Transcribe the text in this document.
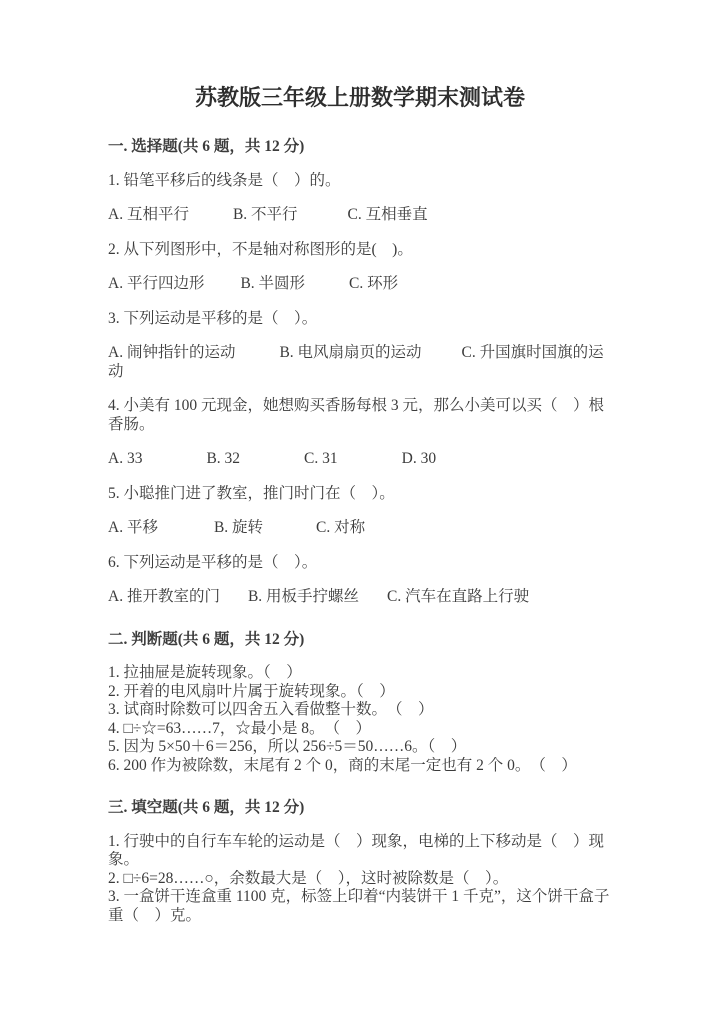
苏教版三年级上册数学期末测试卷

一. 选择题(共 6 题，共 12 分)

1. 铅笔平移后的线条是（　）的。

A. 互相平行	B. 不平行	C. 互相垂直

2. 从下列图形中，不是轴对称图形的是(　)。

A. 平行四边形 B. 半圆形	C. 环形

3. 下列运动是平移的是（　）。

A. 闹钟指针的运动	B. 电风扇扇页的运动	C. 升国旗时国旗的运动

4. 小美有 100 元现金，她想购买香肠每根 3 元，那么小美可以买（　）根香肠。

A. 33	B. 32	C. 31	D. 30

5. 小聪推门进了教室，推门时门在（　）。

A. 平移	B. 旋转	C. 对称

6. 下列运动是平移的是（　）。

A. 推开教室的门 B. 用板手拧螺丝 C. 汽车在直路上行驶

二. 判断题(共 6 题，共 12 分)

1. 拉抽屉是旋转现象。（　）

2. 开着的电风扇叶片属于旋转现象。（　）

3. 试商时除数可以四舍五入看做整十数。　（　）

4. □÷☆=63……7，☆最小是 8。　（　）

5. 因为 5×50＋6＝256，所以 256÷5＝50……6。（　）

6. 200 作为被除数，末尾有 2 个 0，商的末尾一定也有 2 个 0。　（　）

三. 填空题(共 6 题，共 12 分)

1. 行驶中的自行车车轮的运动是（　）现象，电梯的上下移动是（　）现象。

2. □÷6=28……○，余数最大是（　），这时被除数是（　）。

3. 一盒饼干连盒重 1100 克，标签上印着“内装饼干 1 千克”，这个饼干盒子重（　）克。
